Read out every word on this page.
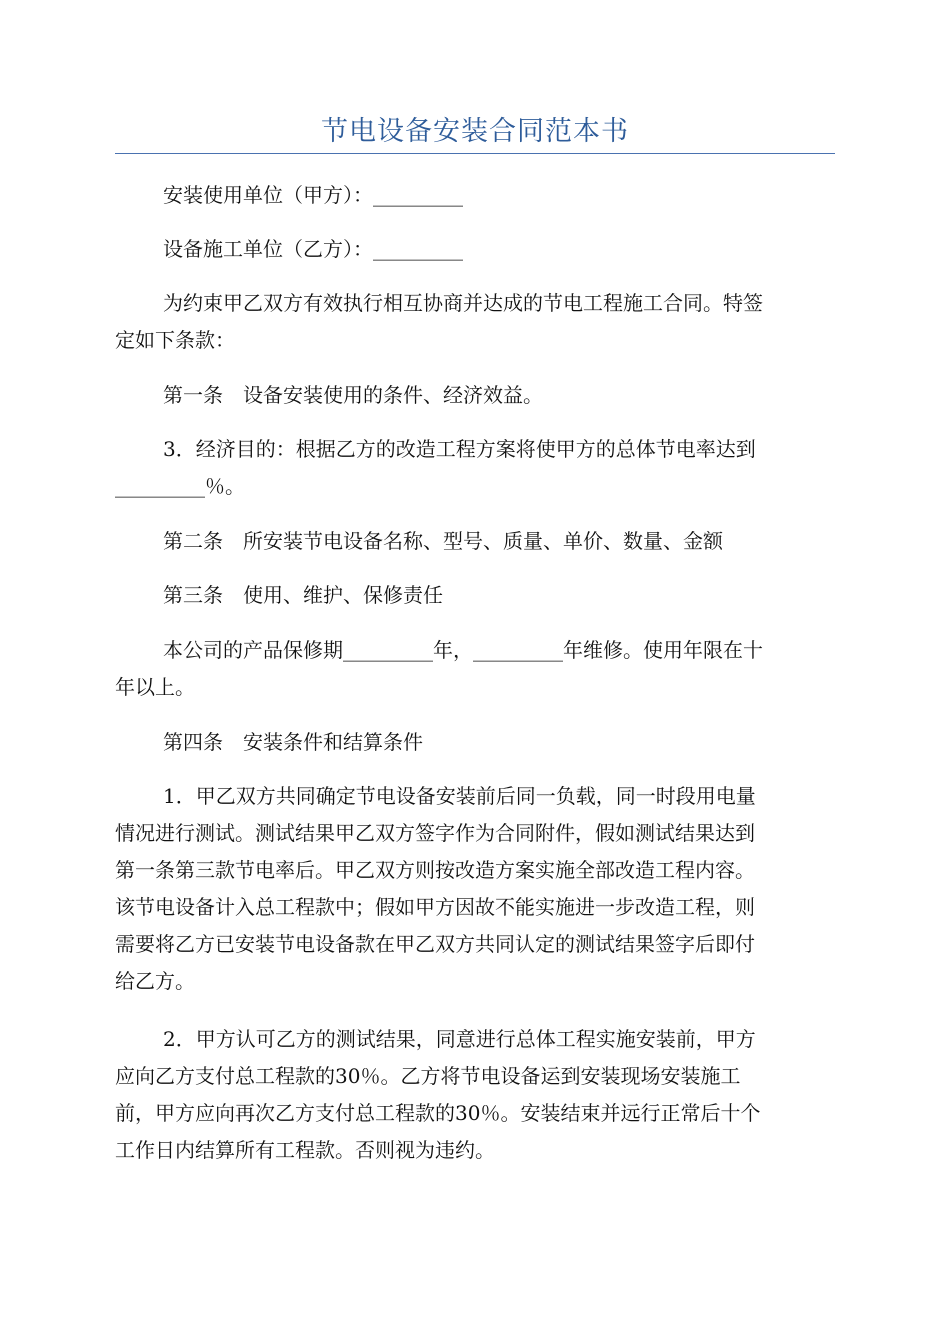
节电设备安装合同范本书

安装使用单位（甲方）：_________

设备施工单位（乙方）：_________

为约束甲乙双方有效执行相互协商并达成的节电工程施工合同。特签
定如下条款：

第一条　设备安装使用的条件、经济效益。

3．经济目的：根据乙方的改造工程方案将使甲方的总体节电率达到
_________％。

第二条　所安装节电设备名称、型号、质量、单价、数量、金额

第三条　使用、维护、保修责任

本公司的产品保修期_________年，_________年维修。使用年限在十
年以上。

第四条　安装条件和结算条件

1．甲乙双方共同确定节电设备安装前后同一负载，同一时段用电量
情况进行测试。测试结果甲乙双方签字作为合同附件，假如测试结果达到
第一条第三款节电率后。甲乙双方则按改造方案实施全部改造工程内容。
该节电设备计入总工程款中；假如甲方因故不能实施进一步改造工程，则
需要将乙方已安装节电设备款在甲乙双方共同认定的测试结果签字后即付
给乙方。

2．甲方认可乙方的测试结果，同意进行总体工程实施安装前，甲方
应向乙方支付总工程款的30％。乙方将节电设备运到安装现场安装施工
前，甲方应向再次乙方支付总工程款的30％。安装结束并远行正常后十个
工作日内结算所有工程款。否则视为违约。
